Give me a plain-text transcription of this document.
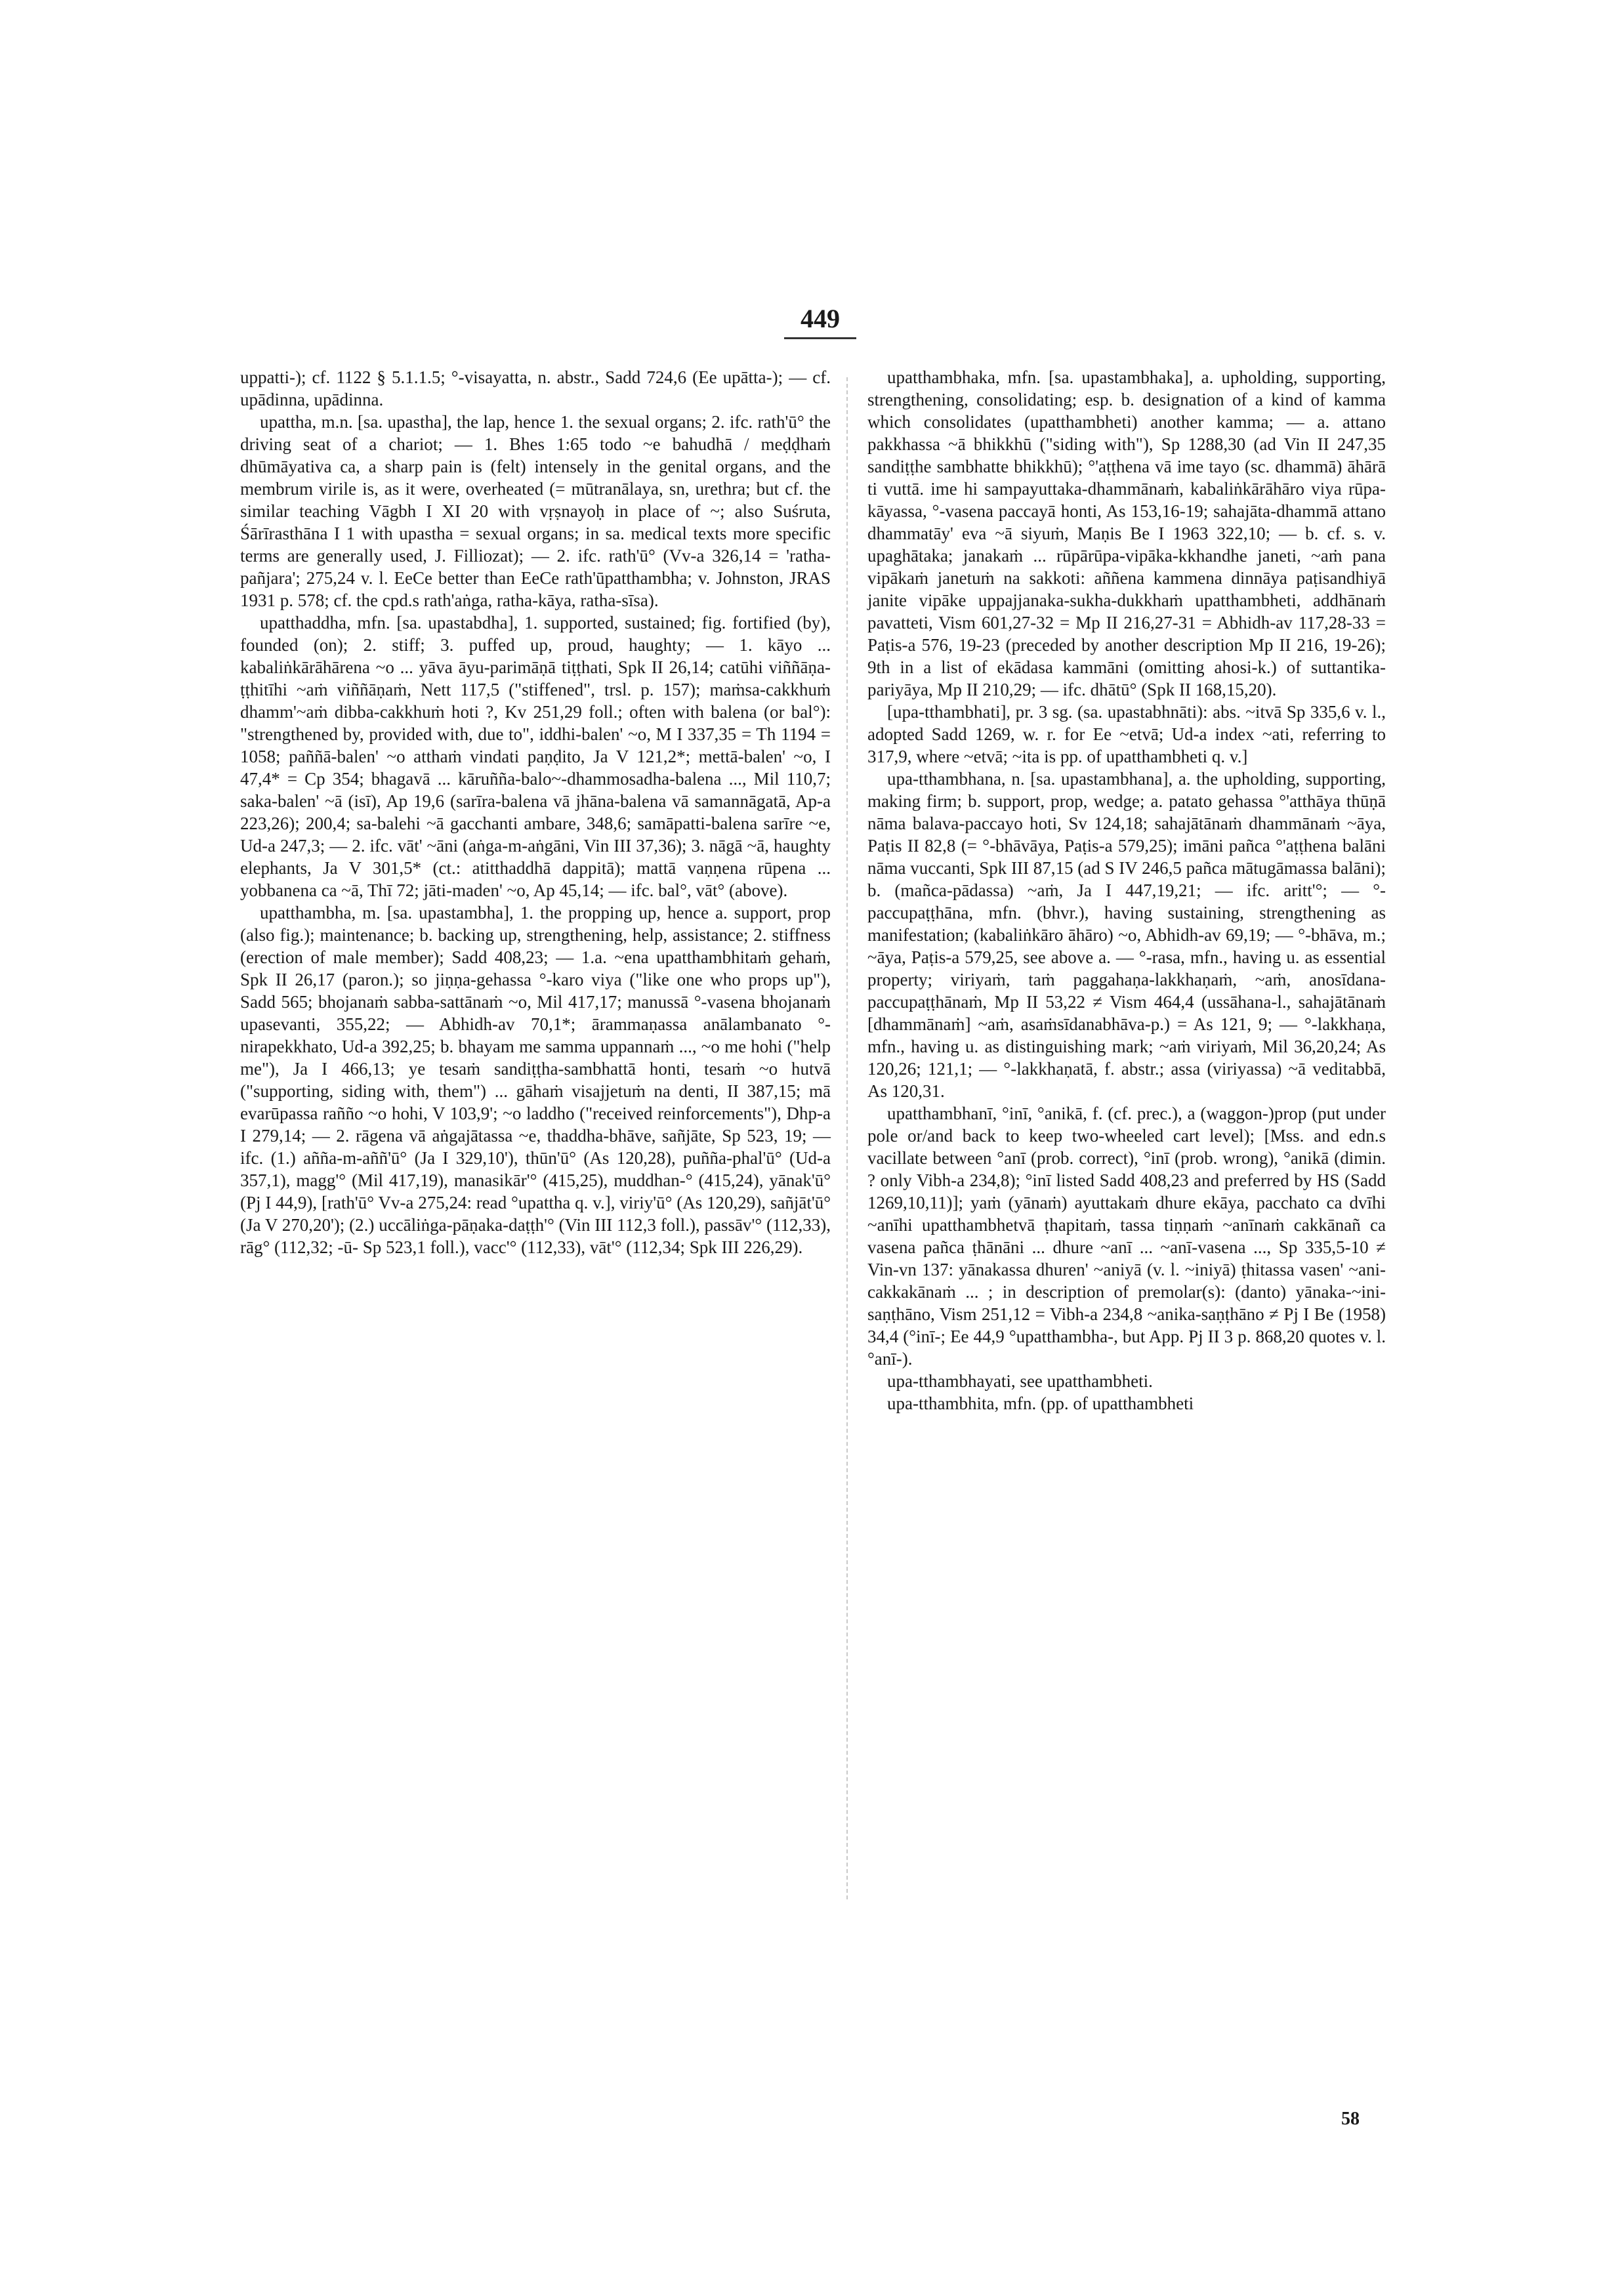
449

uppatti-); cf. 1122 § 5.1.1.5; °-visayatta, n. abstr., Sadd 724,6 (Ee upātta-); — cf. upādinna, upādinna.

upattha, m.n. [sa. upastha], the lap, hence 1. the sexual organs; 2. ifc. rath'ū° the driving seat of a chariot; — 1. Bhes 1:65 todo ~e bahudhā / meḍḍhaṁ dhūmāyativa ca, a sharp pain is (felt) intensely in the genital organs, and the membrum virile is, as it were, overheated (= mūtranālaya, sn, urethra; but cf. the similar teaching Vāgbh I XI 20 with vṛṣnayoḥ in place of ~; also Suśruta, Śārīrasthāna I 1 with upastha = sexual organs; in sa. medical texts more specific terms are generally used, J. Filliozat); — 2. ifc. rath'ū° (Vv-a 326,14 = 'ratha-pañjara'; 275,24 v. l. EeCe better than EeCe rath'ūpatthambha; v. Johnston, JRAS 1931 p. 578; cf. the cpd.s rath'aṅga, ratha-kāya, ratha-sīsa).

upatthaddha, mfn. [sa. upastabdha], 1. supported, sustained; fig. fortified (by), founded (on); 2. stiff; 3. puffed up, proud, haughty; — 1. kāyo ... kabaliṅkārāhārena ~o ... yāva āyu-parimāṇā tiṭṭhati, Spk II 26,14; catūhi viññāṇa-ṭṭhitīhi ~aṁ viññāṇaṁ, Nett 117,5 ("stiffened", trsl. p. 157); maṁsa-cakkhuṁ dhamm'~aṁ dibba-cakkhuṁ hoti ?, Kv 251,29 foll.; often with balena (or bal°): "strengthened by, provided with, due to", iddhi-balen' ~o, M I 337,35 = Th 1194 = 1058; paññā-balen' ~o atthaṁ vindati paṇḍito, Ja V 121,2*; mettā-balen' ~o, I 47,4* = Cp 354; bhagavā ... kāruñña-balo~-dhammosadha-balena ..., Mil 110,7; saka-balen' ~ā (isī), Ap 19,6 (sarīra-balena vā jhāna-balena vā samannāgatā, Ap-a 223,26); 200,4; sa-balehi ~ā gacchanti ambare, 348,6; samāpatti-balena sarīre ~e, Ud-a 247,3; — 2. ifc. vāt' ~āni (aṅga-m-aṅgāni, Vin III 37,36); 3. nāgā ~ā, haughty elephants, Ja V 301,5* (ct.: atitthaddhā dappitā); mattā vaṇṇena rūpena ... yobbanena ca ~ā, Thī 72; jāti-maden' ~o, Ap 45,14; — ifc. bal°, vāt° (above).

upatthambha, m. [sa. upastambha], 1. the propping up, hence a. support, prop (also fig.); maintenance; b. backing up, strengthening, help, assistance; 2. stiffness (erection of male member); Sadd 408,23; — 1.a. ~ena upatthambhitaṁ gehaṁ, Spk II 26,17 (paron.); so jiṇṇa-gehassa °-karo viya ("like one who props up"), Sadd 565; bhojanaṁ sabba-sattānaṁ ~o, Mil 417,17; manussā °-vasena bhojanaṁ upasevanti, 355,22; — Abhidh-av 70,1*; ārammaṇassa anālambanato °-nirapekkhato, Ud-a 392,25; b. bhayam me samma uppannaṁ ..., ~o me hohi ("help me"), Ja I 466,13; ye tesaṁ sandiṭṭha-sambhattā honti, tesaṁ ~o hutvā ("supporting, siding with, them") ... gāhaṁ visajjetuṁ na denti, II 387,15; mā evarūpassa rañño ~o hohi, V 103,9'; ~o laddho ("received reinforcements"), Dhp-a I 279,14; — 2. rāgena vā aṅgajātassa ~e, thaddha-bhāve, sañjāte, Sp 523, 19; — ifc. (1.) añña-m-aññ'ū° (Ja I 329,10'), thūn'ū° (As 120,28), puñña-phal'ū° (Ud-a 357,1), magg'° (Mil 417,19), manasikār'° (415,25), muddhan-° (415,24), yānak'ū° (Pj I 44,9), [rath'ū° Vv-a 275,24: read °upattha q. v.], viriy'ū° (As 120,29), sañjāt'ū° (Ja V 270,20'); (2.) uccāliṅga-pāṇaka-daṭṭh'° (Vin III 112,3 foll.), passāv'° (112,33), rāg° (112,32; -ū- Sp 523,1 foll.), vacc'° (112,33), vāt'° (112,34; Spk III 226,29).

upatthambhaka, mfn. [sa. upastambhaka], a. upholding, supporting, strengthening, consolidating; esp. b. designation of a kind of kamma which consolidates (upatthambheti) another kamma; — a. attano pakkhassa ~ā bhikkhū ("siding with"), Sp 1288,30 (ad Vin II 247,35 sandiṭṭhe sambhatte bhikkhū); °'aṭṭhena vā ime tayo (sc. dhammā) āhārā ti vuttā. ime hi sampayuttaka-dhammānaṁ, kabaliṅkārāhāro viya rūpa-kāyassa, °-vasena paccayā honti, As 153,16-19; sahajāta-dhammā attano dhammatāy' eva ~ā siyuṁ, Maṇis Be I 1963 322,10; — b. cf. s. v. upaghātaka; janakaṁ ... rūpārūpa-vipāka-kkhandhe janeti, ~aṁ pana vipākaṁ janetuṁ na sakkoti: aññena kammena dinnāya paṭisandhiyā janite vipāke uppajjanaka-sukha-dukkhaṁ upatthambheti, addhānaṁ pavatteti, Vism 601,27-32 = Mp II 216,27-31 = Abhidh-av 117,28-33 = Paṭis-a 576, 19-23 (preceded by another description Mp II 216, 19-26); 9th in a list of ekādasa kammāni (omitting ahosi-k.) of suttantika-pariyāya, Mp II 210,29; — ifc. dhātū° (Spk II 168,15,20).

[upa-tthambhati], pr. 3 sg. (sa. upastabhnāti): abs. ~itvā Sp 335,6 v. l., adopted Sadd 1269, w. r. for Ee ~etvā; Ud-a index ~ati, referring to 317,9, where ~etvā; ~ita is pp. of upatthambheti q. v.]

upa-tthambhana, n. [sa. upastambhana], a. the upholding, supporting, making firm; b. support, prop, wedge; a. patato gehassa °'atthāya thūṇā nāma balava-paccayo hoti, Sv 124,18; sahajātānaṁ dhammānaṁ ~āya, Paṭis II 82,8 (= °-bhāvāya, Paṭis-a 579,25); imāni pañca °'aṭṭhena balāni nāma vuccanti, Spk III 87,15 (ad S IV 246,5 pañca mātugāmassa balāni); b. (mañca-pādassa) ~aṁ, Ja I 447,19,21; — ifc. aritt'°; — °-paccupaṭṭhāna, mfn. (bhvr.), having sustaining, strengthening as manifestation; (kabaliṅkāro āhāro) ~o, Abhidh-av 69,19; — °-bhāva, m.; ~āya, Paṭis-a 579,25, see above a. — °-rasa, mfn., having u. as essential property; viriyaṁ, taṁ paggahaṇa-lakkhaṇaṁ, ~aṁ, anosīdana-paccupaṭṭhānaṁ, Mp II 53,22 ≠ Vism 464,4 (ussāhana-l., sahajātānaṁ [dhammānaṁ] ~aṁ, asaṁsīdanabhāva-p.) = As 121, 9; — °-lakkhaṇa, mfn., having u. as distinguishing mark; ~aṁ viriyaṁ, Mil 36,20,24; As 120,26; 121,1; — °-lakkhaṇatā, f. abstr.; assa (viriyassa) ~ā veditabbā, As 120,31.

upatthambhanī, °inī, °anikā, f. (cf. prec.), a (waggon-)prop (put under pole or/and back to keep two-wheeled cart level); [Mss. and edn.s vacillate between °anī (prob. correct), °inī (prob. wrong), °anikā (dimin. ? only Vibh-a 234,8); °inī listed Sadd 408,23 and preferred by HS (Sadd 1269,10,11)]; yaṁ (yānaṁ) ayuttakaṁ dhure ekāya, pacchato ca dvīhi ~anīhi upatthambhetvā ṭhapitaṁ, tassa tiṇṇaṁ ~anīnaṁ cakkānañ ca vasena pañca ṭhānāni ... dhure ~anī ... ~anī-vasena ..., Sp 335,5-10 ≠ Vin-vn 137: yānakassa dhuren' ~aniyā (v. l. ~iniyā) ṭhitassa vasen' ~ani-cakkakānaṁ ... ; in description of premolar(s): (danto) yānaka-~ini-saṇṭhāno, Vism 251,12 = Vibh-a 234,8 ~anika-saṇṭhāno ≠ Pj I Be (1958) 34,4 (°inī-; Ee 44,9 °upatthambha-, but App. Pj II 3 p. 868,20 quotes v. l. °anī-).

upa-tthambhayati, see upatthambheti.

upa-tthambhita, mfn. (pp. of upatthambheti

58
